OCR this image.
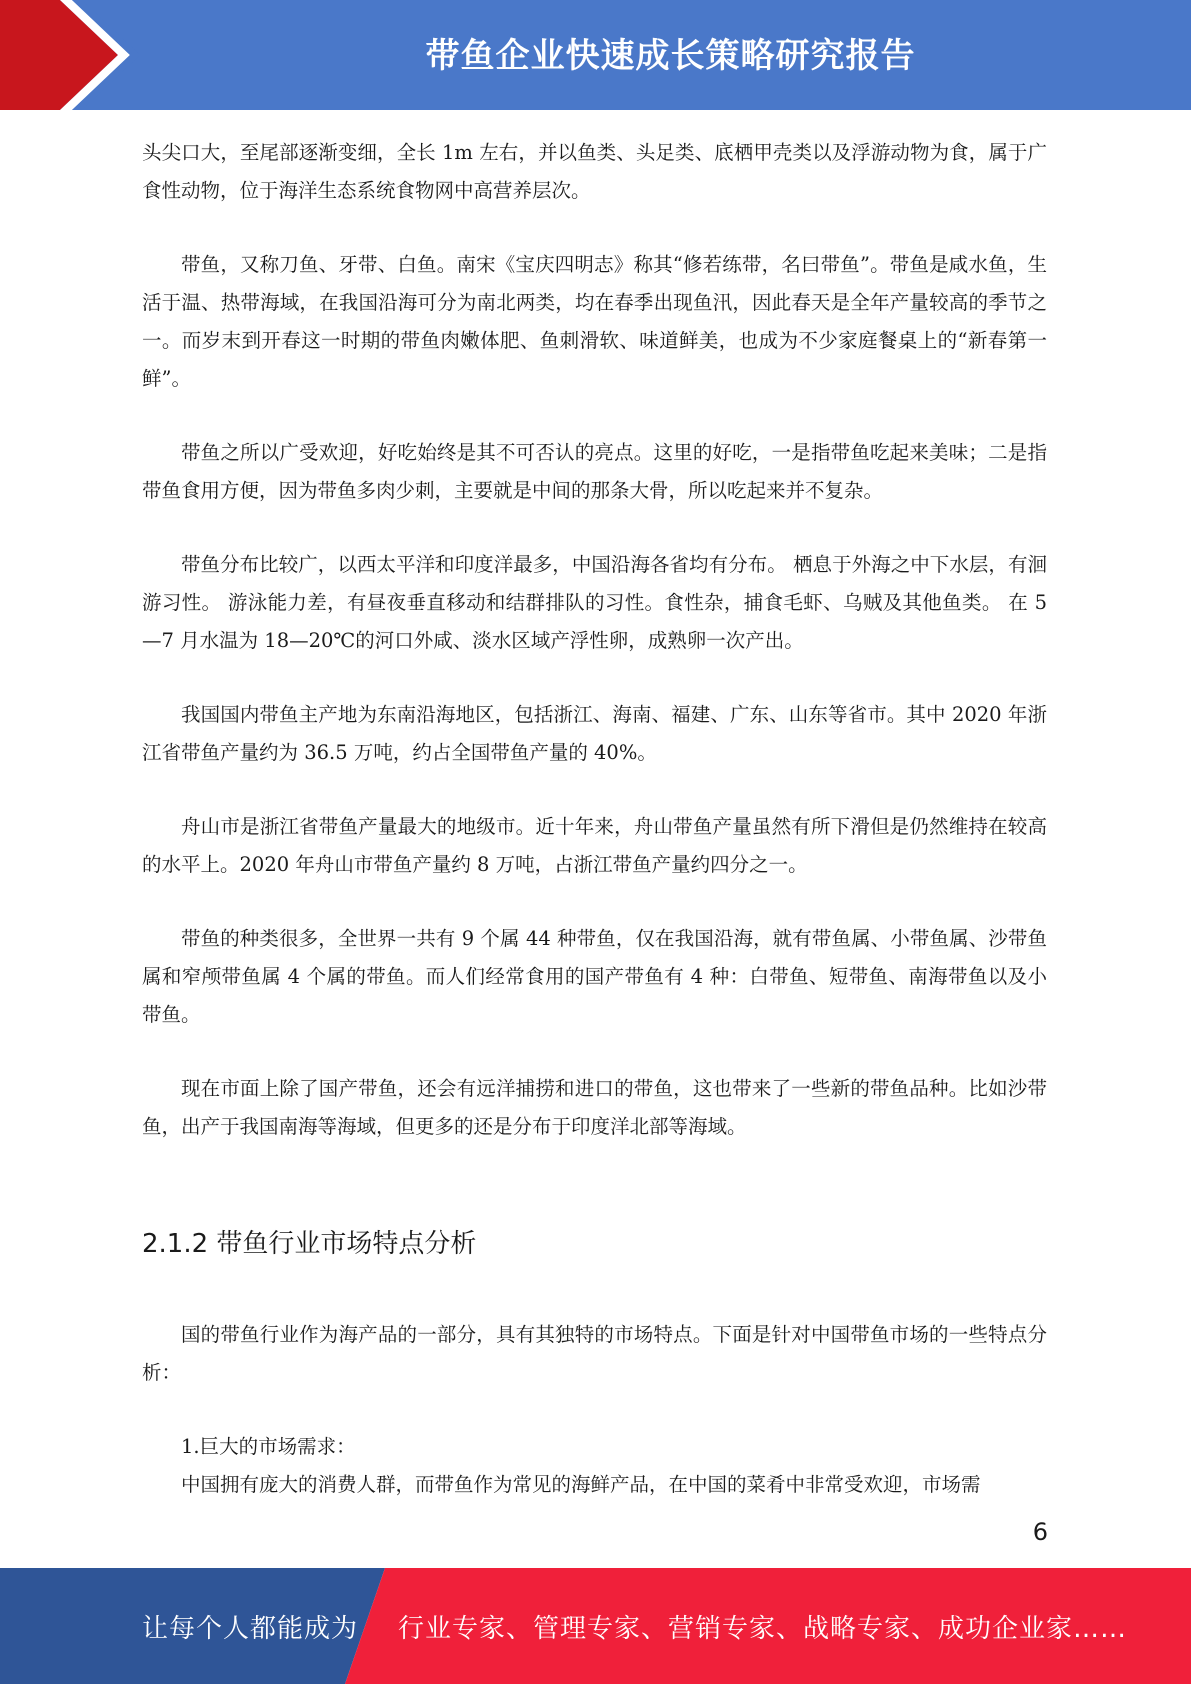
带鱼企业快速成长策略研究报告

头尖口大，至尾部逐渐变细，全长 1m 左右，并以鱼类、头足类、底栖甲壳类以及浮游动物为食，属于广食性动物，位于海洋生态系统食物网中高营养层次。

带鱼，又称刀鱼、牙带、白鱼。南宋《宝庆四明志》称其“修若练带，名曰带鱼”。带鱼是咸水鱼，生活于温、热带海域，在我国沿海可分为南北两类，均在春季出现鱼汛，因此春天是全年产量较高的季节之一。而岁末到开春这一时期的带鱼肉嫩体肥、鱼刺滑软、味道鲜美，也成为不少家庭餐桌上的“新春第一鲜”。

带鱼之所以广受欢迎，好吃始终是其不可否认的亮点。这里的好吃，一是指带鱼吃起来美味；二是指带鱼食用方便，因为带鱼多肉少刺，主要就是中间的那条大骨，所以吃起来并不复杂。

带鱼分布比较广，以西太平洋和印度洋最多，中国沿海各省均有分布。 栖息于外海之中下水层，有洄游习性。 游泳能力差，有昼夜垂直移动和结群排队的习性。食性杂，捕食毛虾、乌贼及其他鱼类。 在 5—7 月水温为 18—20℃的河口外咸、淡水区域产浮性卵，成熟卵一次产出。

我国国内带鱼主产地为东南沿海地区，包括浙江、海南、福建、广东、山东等省市。其中 2020 年浙江省带鱼产量约为 36.5 万吨，约占全国带鱼产量的 40%。

舟山市是浙江省带鱼产量最大的地级市。近十年来，舟山带鱼产量虽然有所下滑但是仍然维持在较高的水平上。2020 年舟山市带鱼产量约 8 万吨，占浙江带鱼产量约四分之一。

带鱼的种类很多，全世界一共有 9 个属 44 种带鱼，仅在我国沿海，就有带鱼属、小带鱼属、沙带鱼属和窄颅带鱼属 4 个属的带鱼。而人们经常食用的国产带鱼有 4 种：白带鱼、短带鱼、南海带鱼以及小带鱼。

现在市面上除了国产带鱼，还会有远洋捕捞和进口的带鱼，这也带来了一些新的带鱼品种。比如沙带鱼，出产于我国南海等海域，但更多的还是分布于印度洋北部等海域。

2.1.2 带鱼行业市场特点分析

国的带鱼行业作为海产品的一部分，具有其独特的市场特点。下面是针对中国带鱼市场的一些特点分析：

1.巨大的市场需求：

中国拥有庞大的消费人群，而带鱼作为常见的海鲜产品，在中国的菜肴中非常受欢迎，市场需

6
让每个人都能成为 行业专家、管理专家、营销专家、战略专家、成功企业家……
